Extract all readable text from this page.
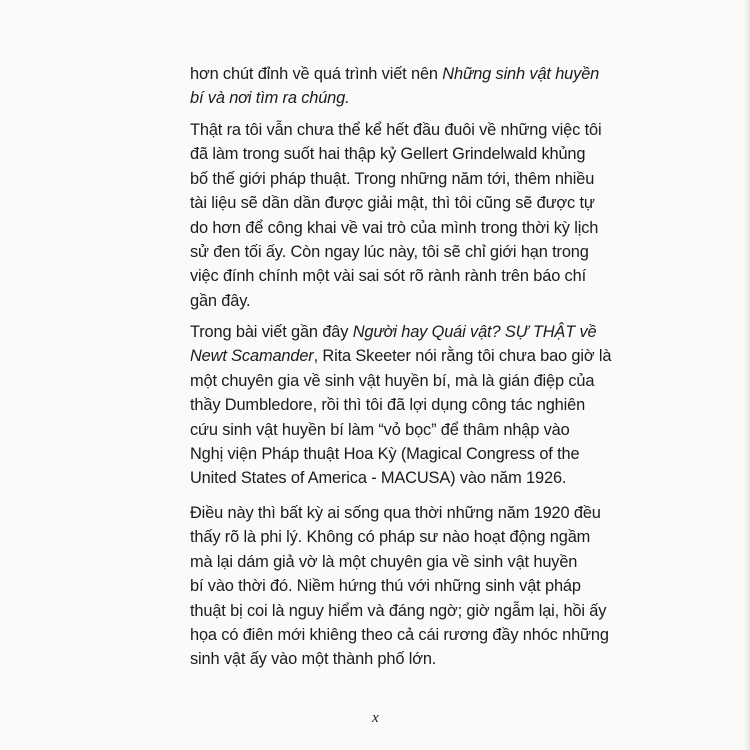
hơn chút đỉnh về quá trình viết nên Những sinh vật huyền
bí và nơi tìm ra chúng.
Thật ra tôi vẫn chưa thể kể hết đầu đuôi về những việc tôi
đã làm trong suốt hai thập kỷ Gellert Grindelwald khủng
bố thế giới pháp thuật. Trong những năm tới, thêm nhiều
tài liệu sẽ dần dần được giải mật, thì tôi cũng sẽ được tự
do hơn để công khai về vai trò của mình trong thời kỳ lịch
sử đen tối ấy. Còn ngay lúc này, tôi sẽ chỉ giới hạn trong
việc đính chính một vài sai sót rõ rành rành trên báo chí
gần đây.
Trong bài viết gần đây Người hay Quái vật? SỰ THẬT về
Newt Scamander, Rita Skeeter nói rằng tôi chưa bao giờ là
một chuyên gia về sinh vật huyền bí, mà là gián điệp của
thầy Dumbledore, rồi thì tôi đã lợi dụng công tác nghiên
cứu sinh vật huyền bí làm “vỏ bọc” để thâm nhập vào
Nghị viện Pháp thuật Hoa Kỳ (Magical Congress of the
United States of America - MACUSA) vào năm 1926.
Điều này thì bất kỳ ai sống qua thời những năm 1920 đều
thấy rõ là phi lý. Không có pháp sư nào hoạt động ngầm
mà lại dám giả vờ là một chuyên gia về sinh vật huyền
bí vào thời đó. Niềm hứng thú với những sinh vật pháp
thuật bị coi là nguy hiểm và đáng ngờ; giờ ngẫm lại, hồi ấy
họa có điên mới khiêng theo cả cái rương đầy nhóc những
sinh vật ấy vào một thành phố lớn.
x
